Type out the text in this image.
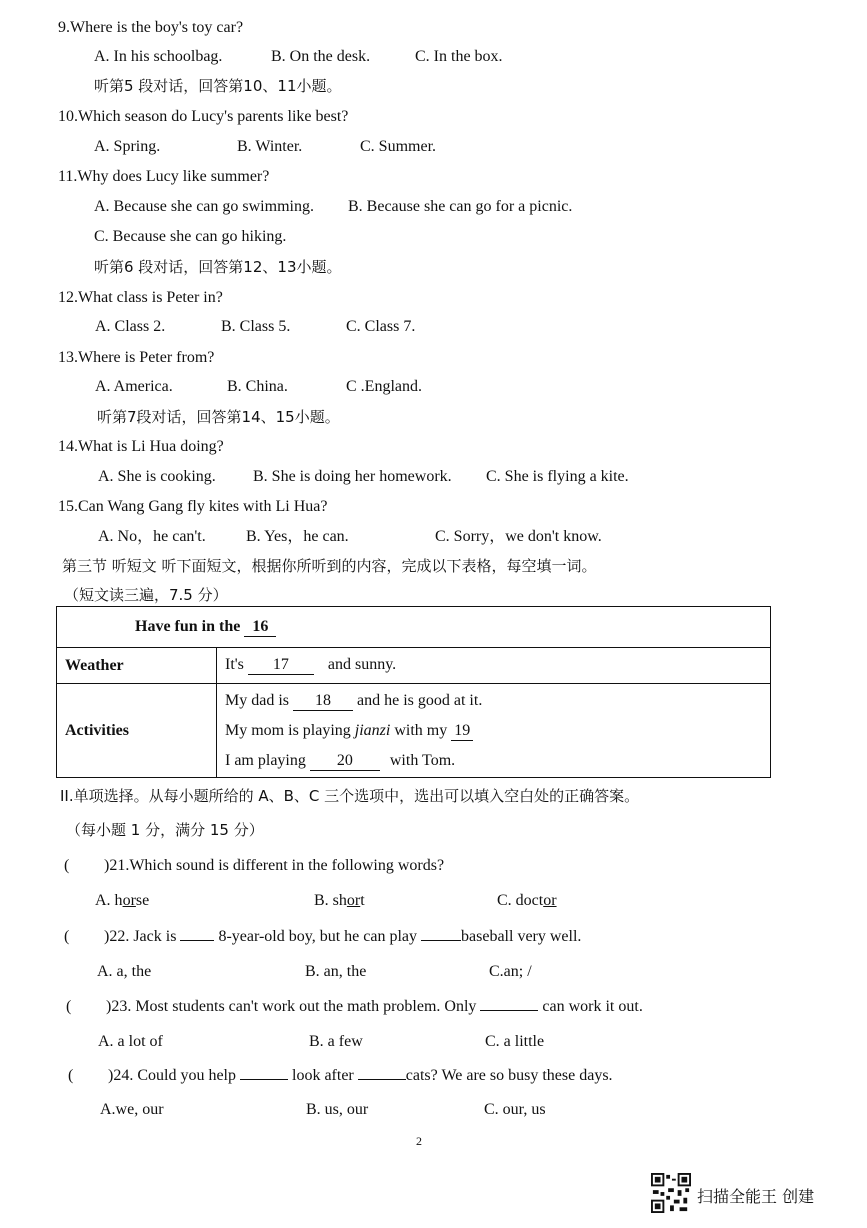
9.Where is the boy's toy car?
A. In his schoolbag.	B. On the desk.	C. In the box.
听第5 段对话，回答第10、11小题。
10.Which season do Lucy's parents like best?
A. Spring.	B. Winter.	C. Summer.
11.Why does Lucy like summer?
A. Because she can go swimming. B. Because she can go for a picnic.
C. Because she can go hiking.
听第6 段对话，回答第12、13小题。
12.What class is Peter in?
A. Class 2.	B. Class 5.	C. Class 7.
13.Where is Peter from?
A. America.	B. China.	C .England.
听第7段对话，回答第14、15小题。
14.What is Li Hua doing?
A. She is cooking. B. She is doing her homework. C. She is flying a kite.
15.Can Wang Gang fly kites with Li Hua?
A. No，he can't.	B. Yes，he can.	C. Sorry，we don't know.
第三节 听短文 听下面短文，根据你所听到的内容，完成以下表格，每空填一词。
（短文读三遍，7.5 分）
Have fun in the 16	
Weather	It's 17 and sunny.
Activities	My dad is 18 and he is good at it.
My mom is playing jianzi with my 19
I am playing 20 with Tom.
II.单项选择。从每小题所给的 A、B、C 三个选项中，选出可以填入空白处的正确答案。
（每小题 1 分，满分 15 分）
( )21.Which sound is different in the following words?
A. horse	B. short	C. doctor
( )22. Jack is	8-year-old boy, but he can play	baseball very well.
A. a, the	B. an, the	C.an; /
( )23. Most students can't work out the math problem. Only	can work it out.
A. a lot of	B. a few	C. a little
( )24. Could you help	look after	cats? We are so busy these days.
A.we, our	B. us, our	C. our, us
2
扫描全能王 创建
